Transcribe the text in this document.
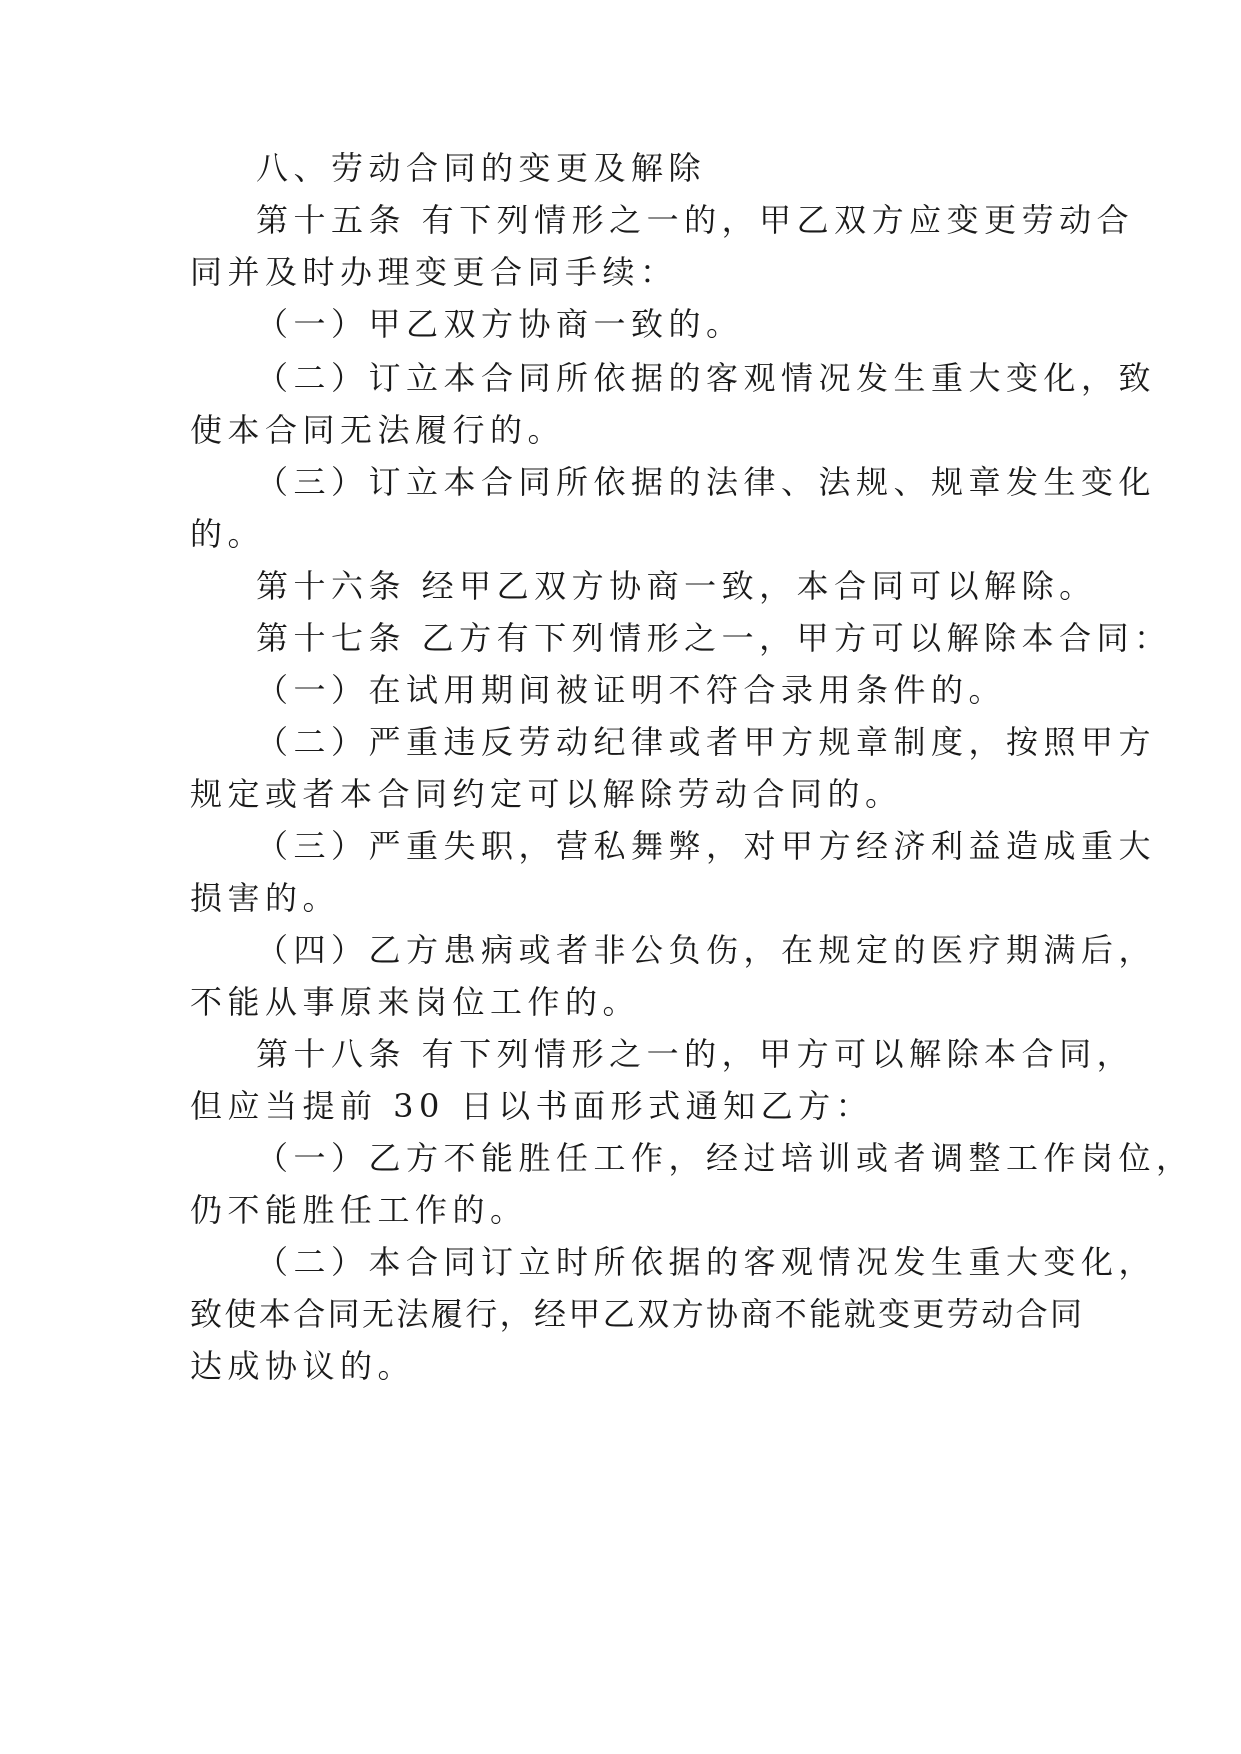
八、劳动合同的变更及解除
第十五条 有下列情形之一的，甲乙双方应变更劳动合
同并及时办理变更合同手续：
（一）甲乙双方协商一致的。
（二）订立本合同所依据的客观情况发生重大变化，致
使本合同无法履行的。
（三）订立本合同所依据的法律、法规、规章发生变化
的。
第十六条 经甲乙双方协商一致，本合同可以解除。
第十七条 乙方有下列情形之一，甲方可以解除本合同：
（一）在试用期间被证明不符合录用条件的。
（二）严重违反劳动纪律或者甲方规章制度，按照甲方
规定或者本合同约定可以解除劳动合同的。
（三）严重失职，营私舞弊，对甲方经济利益造成重大
损害的。
（四）乙方患病或者非公负伤，在规定的医疗期满后，
不能从事原来岗位工作的。
第十八条 有下列情形之一的，甲方可以解除本合同，
但应当提前 30 日以书面形式通知乙方：
（一）乙方不能胜任工作，经过培训或者调整工作岗位，
仍不能胜任工作的。
（二）本合同订立时所依据的客观情况发生重大变化，
致使本合同无法履行，经甲乙双方协商不能就变更劳动合同
达成协议的。
